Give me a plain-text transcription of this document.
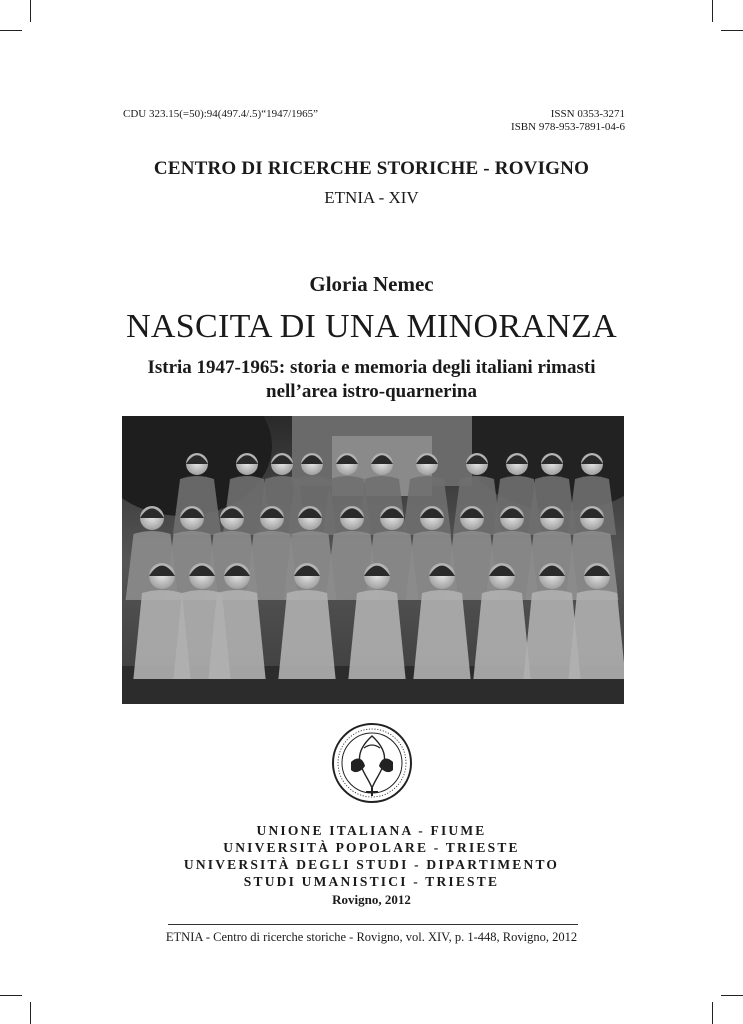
CDU 323.15(=50):94(497.4/.5)“1947/1965”	ISSN 0353-3271
ISBN 978-953-7891-04-6
CENTRO DI RICERCHE STORICHE - ROVIGNO
ETNIA - XIV
Gloria Nemec
NASCITA DI UNA MINORANZA
Istria 1947-1965: storia e memoria degli italiani rimasti
nell’area istro-quarnerina
UNIONE ITALIANA - FIUME
UNIVERSITÀ POPOLARE - TRIESTE
UNIVERSITÀ DEGLI STUDI - DIPARTIMENTO
STUDI UMANISTICI - TRIESTE
Rovigno, 2012
ETNIA - Centro di ricerche storiche - Rovigno, vol. XIV, p. 1-448, Rovigno, 2012
